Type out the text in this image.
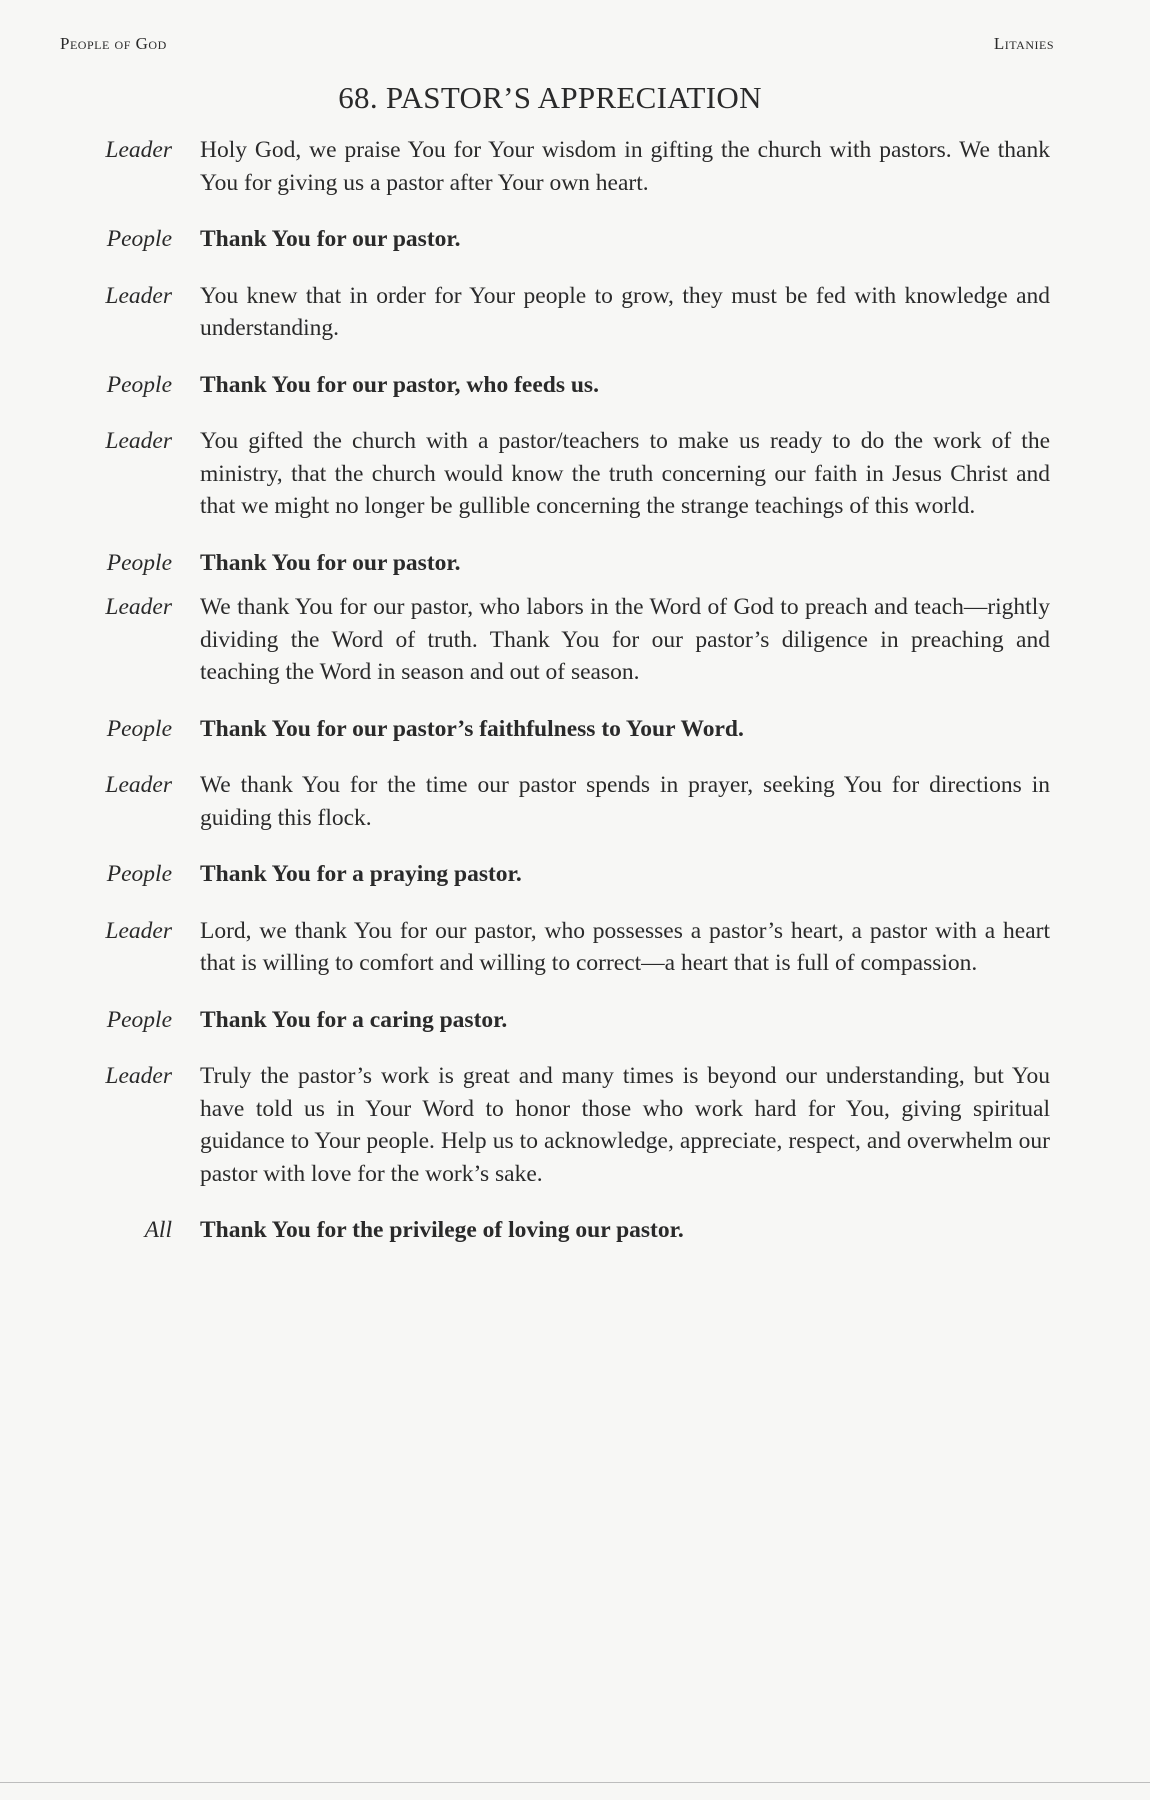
People of God	Litanies
68. PASTOR’S APPRECIATION
Leader Holy God, we praise You for Your wisdom in gifting the church with pastors. We thank You for giving us a pastor after Your own heart.

People Thank You for our pastor.

Leader You knew that in order for Your people to grow, they must be fed with knowledge and understanding.

People Thank You for our pastor, who feeds us.

Leader You gifted the church with a pastor/teachers to make us ready to do the work of the ministry, that the church would know the truth concerning our faith in Jesus Christ and that we might no longer be gullible concerning the strange teachings of this world.

People Thank You for our pastor.

Leader We thank You for our pastor, who labors in the Word of God to preach and teach—rightly dividing the Word of truth. Thank You for our pastor’s diligence in preaching and teaching the Word in season and out of season.

People Thank You for our pastor’s faithfulness to Your Word.

Leader We thank You for the time our pastor spends in prayer, seeking You for directions in guiding this flock.

People Thank You for a praying pastor.

Leader Lord, we thank You for our pastor, who possesses a pastor’s heart, a pastor with a heart that is willing to comfort and willing to correct—a heart that is full of compassion.

People Thank You for a caring pastor.

Leader Truly the pastor’s work is great and many times is beyond our understanding, but You have told us in Your Word to honor those who work hard for You, giving spiritual guidance to Your people. Help us to acknowledge, appreciate, respect, and overwhelm our pastor with love for the work’s sake.

All Thank You for the privilege of loving our pastor.
